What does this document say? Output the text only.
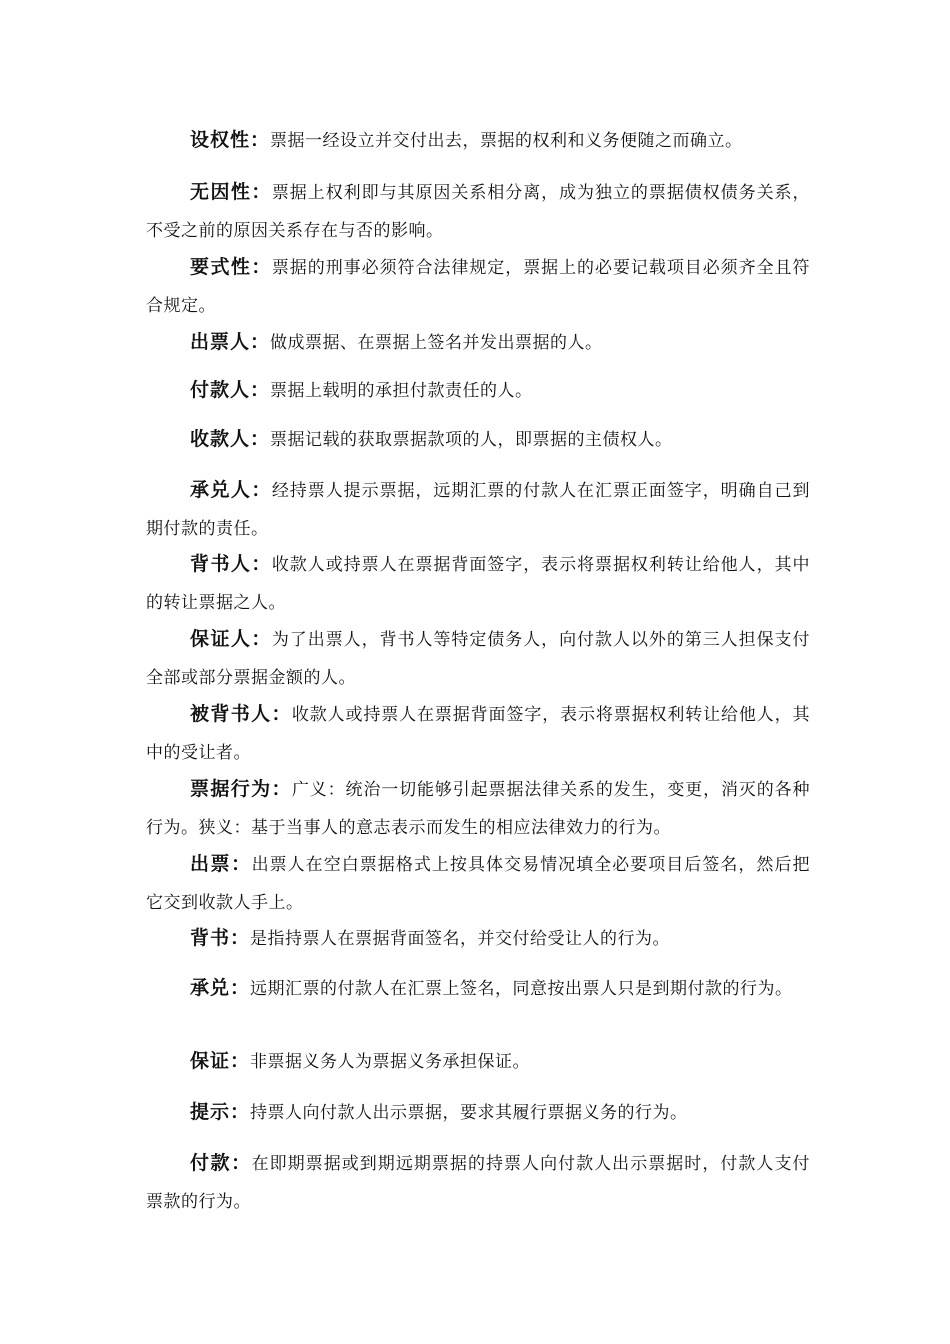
设权性：票据一经设立并交付出去，票据的权利和义务便随之而确立。

无因性：票据上权利即与其原因关系相分离，成为独立的票据债权债务关系，不受之前的原因关系存在与否的影响。

要式性：票据的刑事必须符合法律规定，票据上的必要记载项目必须齐全且符合规定。

出票人：做成票据、在票据上签名并发出票据的人。

付款人：票据上载明的承担付款责任的人。

收款人：票据记载的获取票据款项的人，即票据的主债权人。

承兑人：经持票人提示票据，远期汇票的付款人在汇票正面签字，明确自己到期付款的责任。

背书人：收款人或持票人在票据背面签字，表示将票据权利转让给他人，其中的转让票据之人。

保证人：为了出票人，背书人等特定债务人，向付款人以外的第三人担保支付全部或部分票据金额的人。

被背书人：收款人或持票人在票据背面签字，表示将票据权利转让给他人，其中的受让者。

票据行为：广义：统治一切能够引起票据法律关系的发生，变更，消灭的各种行为。狭义：基于当事人的意志表示而发生的相应法律效力的行为。

出票：出票人在空白票据格式上按具体交易情况填全必要项目后签名，然后把它交到收款人手上。

背书：是指持票人在票据背面签名，并交付给受让人的行为。

承兑：远期汇票的付款人在汇票上签名，同意按出票人只是到期付款的行为。

保证：非票据义务人为票据义务承担保证。

提示：持票人向付款人出示票据，要求其履行票据义务的行为。

付款：在即期票据或到期远期票据的持票人向付款人出示票据时，付款人支付票款的行为。
